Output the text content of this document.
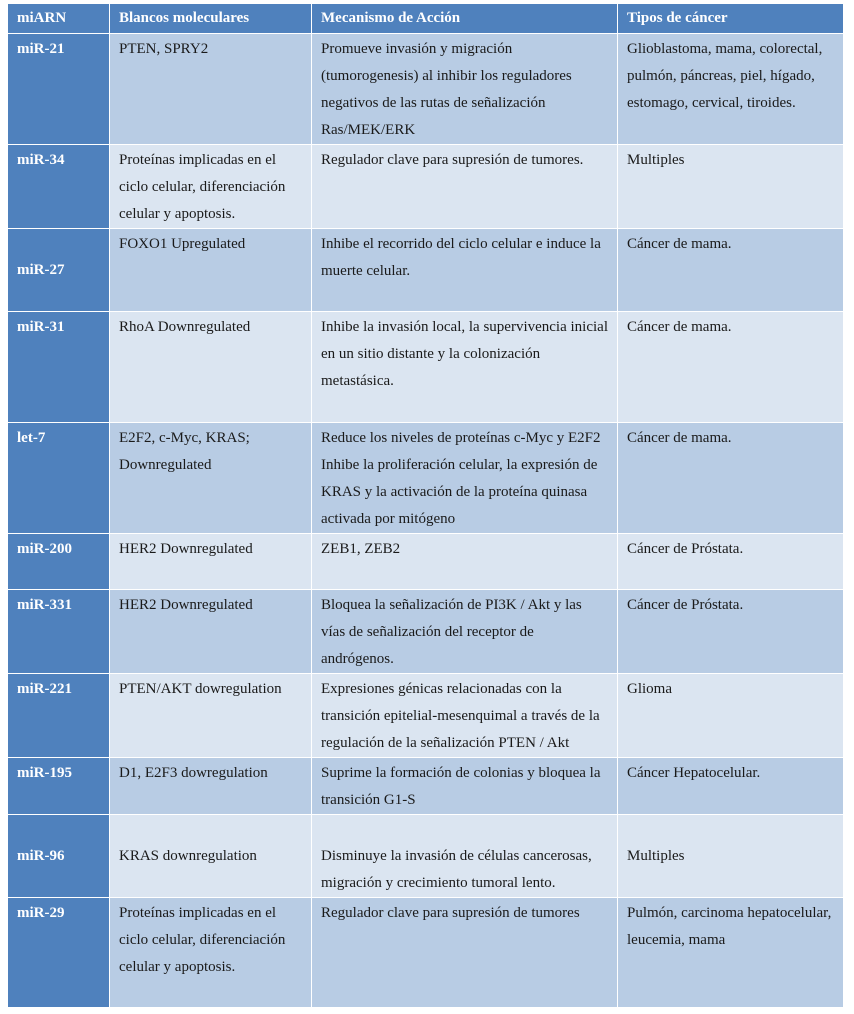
miARN	Blancos moleculares	Mecanismo de Acción	Tipos de cáncer
miR-21	PTEN, SPRY2	Promueve invasión y migración (tumorogenesis) al inhibir los reguladores negativos de las rutas de señalización Ras/MEK/ERK	Glioblastoma, mama, colorectal, pulmón, páncreas, piel, hígado, estomago, cervical, tiroides.
miR-34	Proteínas implicadas en el ciclo celular, diferenciación celular y apoptosis.	Regulador clave para supresión de tumores.	Multiples
miR-27	FOXO1 Upregulated	Inhibe el recorrido del ciclo celular e induce la muerte celular.	Cáncer de mama.
miR-31	RhoA Downregulated	Inhibe la invasión local, la supervivencia inicial en un sitio distante y la colonización metastásica.	Cáncer de mama.
let-7	E2F2, c-Myc, KRAS; Downregulated	Reduce los niveles de proteínas c-Myc y E2F2 Inhibe la proliferación celular, la expresión de KRAS y la activación de la proteína quinasa activada por mitógeno	Cáncer de mama.
miR-200	HER2 Downregulated	ZEB1, ZEB2	Cáncer de Próstata.
miR-331	HER2 Downregulated	Bloquea la señalización de PI3K / Akt y las vías de señalización del receptor de andrógenos.	Cáncer de Próstata.
miR-221	PTEN/AKT dowregulation	Expresiones génicas relacionadas con la transición epitelial-mesenquimal a través de la regulación de la señalización PTEN / Akt	Glioma
miR-195	D1, E2F3 dowregulation	Suprime la formación de colonias y bloquea la transición G1-S	Cáncer Hepatocelular.
miR-96	KRAS downregulation	Disminuye la invasión de células cancerosas, migración y crecimiento tumoral lento.	Multiples
miR-29	Proteínas implicadas en el ciclo celular, diferenciación celular y apoptosis.	Regulador clave para supresión de tumores	Pulmón, carcinoma hepatocelular, leucemia, mama
